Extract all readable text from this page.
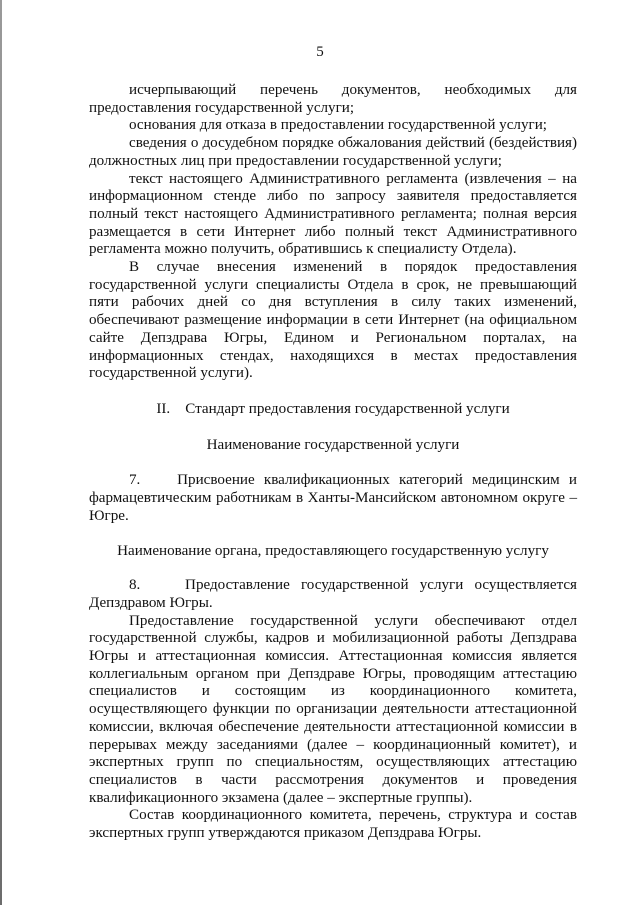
5

исчерпывающий перечень документов, необходимых для предоставления государственной услуги;

основания для отказа в предоставлении государственной услуги;

сведения о досудебном порядке обжалования действий (бездействия) должностных лиц при предоставлении государственной услуги;

текст настоящего Административного регламента (извлечения – на информационном стенде либо по запросу заявителя предоставляется полный текст настоящего Административного регламента; полная версия размещается в сети Интернет либо полный текст Административного регламента можно получить, обратившись к специалисту Отдела).

В случае внесения изменений в порядок предоставления государственной услуги специалисты Отдела в срок, не превышающий пяти рабочих дней со дня вступления в силу таких изменений, обеспечивают размещение информации в сети Интернет (на официальном сайте Депздрава Югры, Едином и Региональном порталах, на информационных стендах, находящихся в местах предоставления государственной услуги).

II.    Стандарт предоставления государственной услуги

Наименование государственной услуги

7.    Присвоение квалификационных категорий медицинским и фармацевтическим работникам в Ханты-Мансийском автономном округе – Югре.

Наименование органа, предоставляющего государственную услугу

8.    Предоставление государственной услуги осуществляется Депздравом Югры.

Предоставление государственной услуги обеспечивают отдел государственной службы, кадров и мобилизационной работы Депздрава Югры и аттестационная комиссия. Аттестационная комиссия является коллегиальным органом при Депздраве Югры, проводящим аттестацию специалистов и состоящим из координационного комитета, осуществляющего функции по организации деятельности аттестационной комиссии, включая обеспечение деятельности аттестационной комиссии в перерывах между заседаниями (далее – координационный комитет), и экспертных групп по специальностям, осуществляющих аттестацию специалистов в части рассмотрения документов и проведения квалификационного экзамена (далее – экспертные группы).

Состав координационного комитета, перечень, структура и состав экспертных групп утверждаются приказом Депздрава Югры.
